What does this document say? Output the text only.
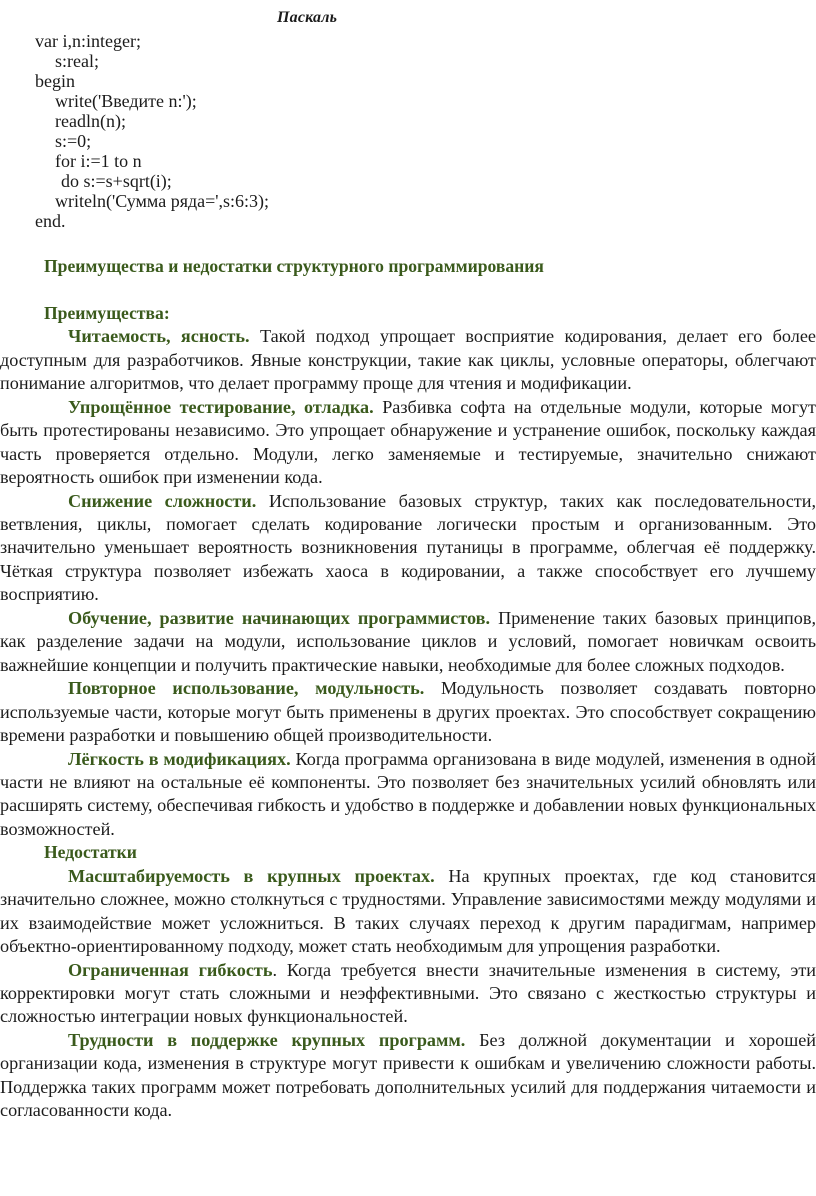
Паскаль
var i,n:integer;
s:real;
begin
write('Введите n:');
readln(n);
s:=0;
for i:=1 to n
do s:=s+sqrt(i);
writeln('Сумма ряда=',s:6:3);
end.

Преимущества и недостатки структурного программирования

Преимущества:

Читаемость, ясность. Такой подход упрощает восприятие кодирования, делает его более доступным для разработчиков. Явные конструкции, такие как циклы, условные операторы, облегчают понимание алгоритмов, что делает программу проще для чтения и модификации.

Упрощённое тестирование, отладка. Разбивка софта на отдельные модули, которые могут быть протестированы независимо. Это упрощает обнаружение и устранение ошибок, поскольку каждая часть проверяется отдельно. Модули, легко заменяемые и тестируемые, значительно снижают вероятность ошибок при изменении кода.

Снижение сложности. Использование базовых структур, таких как последовательности, ветвления, циклы, помогает сделать кодирование логически простым и организованным. Это значительно уменьшает вероятность возникновения путаницы в программе, облегчая её поддержку. Чёткая структура позволяет избежать хаоса в кодировании, а также способствует его лучшему восприятию.

Обучение, развитие начинающих программистов. Применение таких базовых принципов, как разделение задачи на модули, использование циклов и условий, помогает новичкам освоить важнейшие концепции и получить практические навыки, необходимые для более сложных подходов.

Повторное использование, модульность. Модульность позволяет создавать повторно используемые части, которые могут быть применены в других проектах. Это способствует сокращению времени разработки и повышению общей производительности.

Лёгкость в модификациях. Когда программа организована в виде модулей, изменения в одной части не влияют на остальные её компоненты. Это позволяет без значительных усилий обновлять или расширять систему, обеспечивая гибкость и удобство в поддержке и добавлении новых функциональных возможностей.

Недостатки

Масштабируемость в крупных проектах. На крупных проектах, где код становится значительно сложнее, можно столкнуться с трудностями. Управление зависимостями между модулями и их взаимодействие может усложниться. В таких случаях переход к другим парадигмам, например объектно-ориентированному подходу, может стать необходимым для упрощения разработки.

Ограниченная гибкость. Когда требуется внести значительные изменения в систему, эти корректировки могут стать сложными и неэффективными. Это связано с жесткостью структуры и сложностью интеграции новых функциональностей.

Трудности в поддержке крупных программ. Без должной документации и хорошей организации кода, изменения в структуре могут привести к ошибкам и увеличению сложности работы. Поддержка таких программ может потребовать дополнительных усилий для поддержания читаемости и согласованности кода.
